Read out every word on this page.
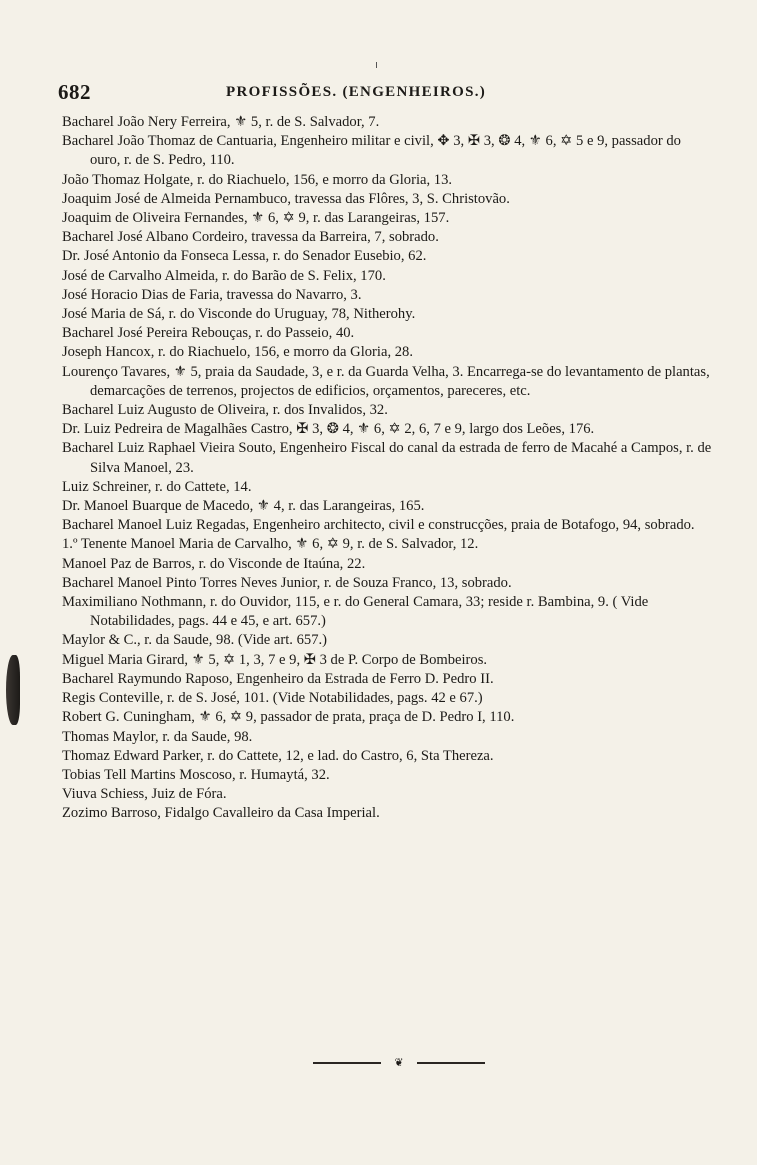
682	PROFISSÕES. (ENGENHEIROS.)

Bacharel João Nery Ferreira, ⚜ 5, r. de S. Salvador, 7.

Bacharel João Thomaz de Cantuaria, Engenheiro militar e civil, ✥ 3, ✠ 3, ❂ 4, ⚜ 6, ✡ 5 e 9, passador do ouro, r. de S. Pedro, 110.

João Thomaz Holgate, r. do Riachuelo, 156, e morro da Gloria, 13.

Joaquim José de Almeida Pernambuco, travessa das Flôres, 3, S. Christovão.

Joaquim de Oliveira Fernandes, ⚜ 6, ✡ 9, r. das Larangeiras, 157.

Bacharel José Albano Cordeiro, travessa da Barreira, 7, sobrado.

Dr. José Antonio da Fonseca Lessa, r. do Senador Eusebio, 62.

José de Carvalho Almeida, r. do Barão de S. Felix, 170.

José Horacio Dias de Faria, travessa do Navarro, 3.

José Maria de Sá, r. do Visconde do Uruguay, 78, Nitherohy.

Bacharel José Pereira Rebouças, r. do Passeio, 40.

Joseph Hancox, r. do Riachuelo, 156, e morro da Gloria, 28.

Lourenço Tavares, ⚜ 5, praia da Saudade, 3, e r. da Guarda Velha, 3. Encarrega-se do levantamento de plantas, demarcações de terrenos, projectos de edificios, orçamentos, pareceres, etc.

Bacharel Luiz Augusto de Oliveira, r. dos Invalidos, 32.

Dr. Luiz Pedreira de Magalhães Castro, ✠ 3, ❂ 4, ⚜ 6, ✡ 2, 6, 7 e 9, largo dos Leões, 176.

Bacharel Luiz Raphael Vieira Souto, Engenheiro Fiscal do canal da estrada de ferro de Macahé a Campos, r. de Silva Manoel, 23.

Luiz Schreiner, r. do Cattete, 14.

Dr. Manoel Buarque de Macedo, ⚜ 4, r. das Larangeiras, 165.

Bacharel Manoel Luiz Regadas, Engenheiro architecto, civil e construcções, praia de Botafogo, 94, sobrado.

1.º Tenente Manoel Maria de Carvalho, ⚜ 6, ✡ 9, r. de S. Salvador, 12.

Manoel Paz de Barros, r. do Visconde de Itaúna, 22.

Bacharel Manoel Pinto Torres Neves Junior, r. de Souza Franco, 13, sobrado.

Maximiliano Nothmann, r. do Ouvidor, 115, e r. do General Camara, 33; reside r. Bambina, 9. ( Vide Notabilidades, pags. 44 e 45, e art. 657.)

Maylor & C., r. da Saude, 98. (Vide art. 657.)

Miguel Maria Girard, ⚜ 5, ✡ 1, 3, 7 e 9, ✠ 3 de P. Corpo de Bombeiros.

Bacharel Raymundo Raposo, Engenheiro da Estrada de Ferro D. Pedro II.

Regis Conteville, r. de S. José, 101. (Vide Notabilidades, pags. 42 e 67.)

Robert G. Cuningham, ⚜ 6, ✡ 9, passador de prata, praça de D. Pedro I, 110.

Thomas Maylor, r. da Saude, 98.

Thomaz Edward Parker, r. do Cattete, 12, e lad. do Castro, 6, Sta Thereza.

Tobias Tell Martins Moscoso, r. Humaytá, 32.

Viuva Schiess, Juiz de Fóra.

Zozimo Barroso, Fidalgo Cavalleiro da Casa Imperial.

❦
